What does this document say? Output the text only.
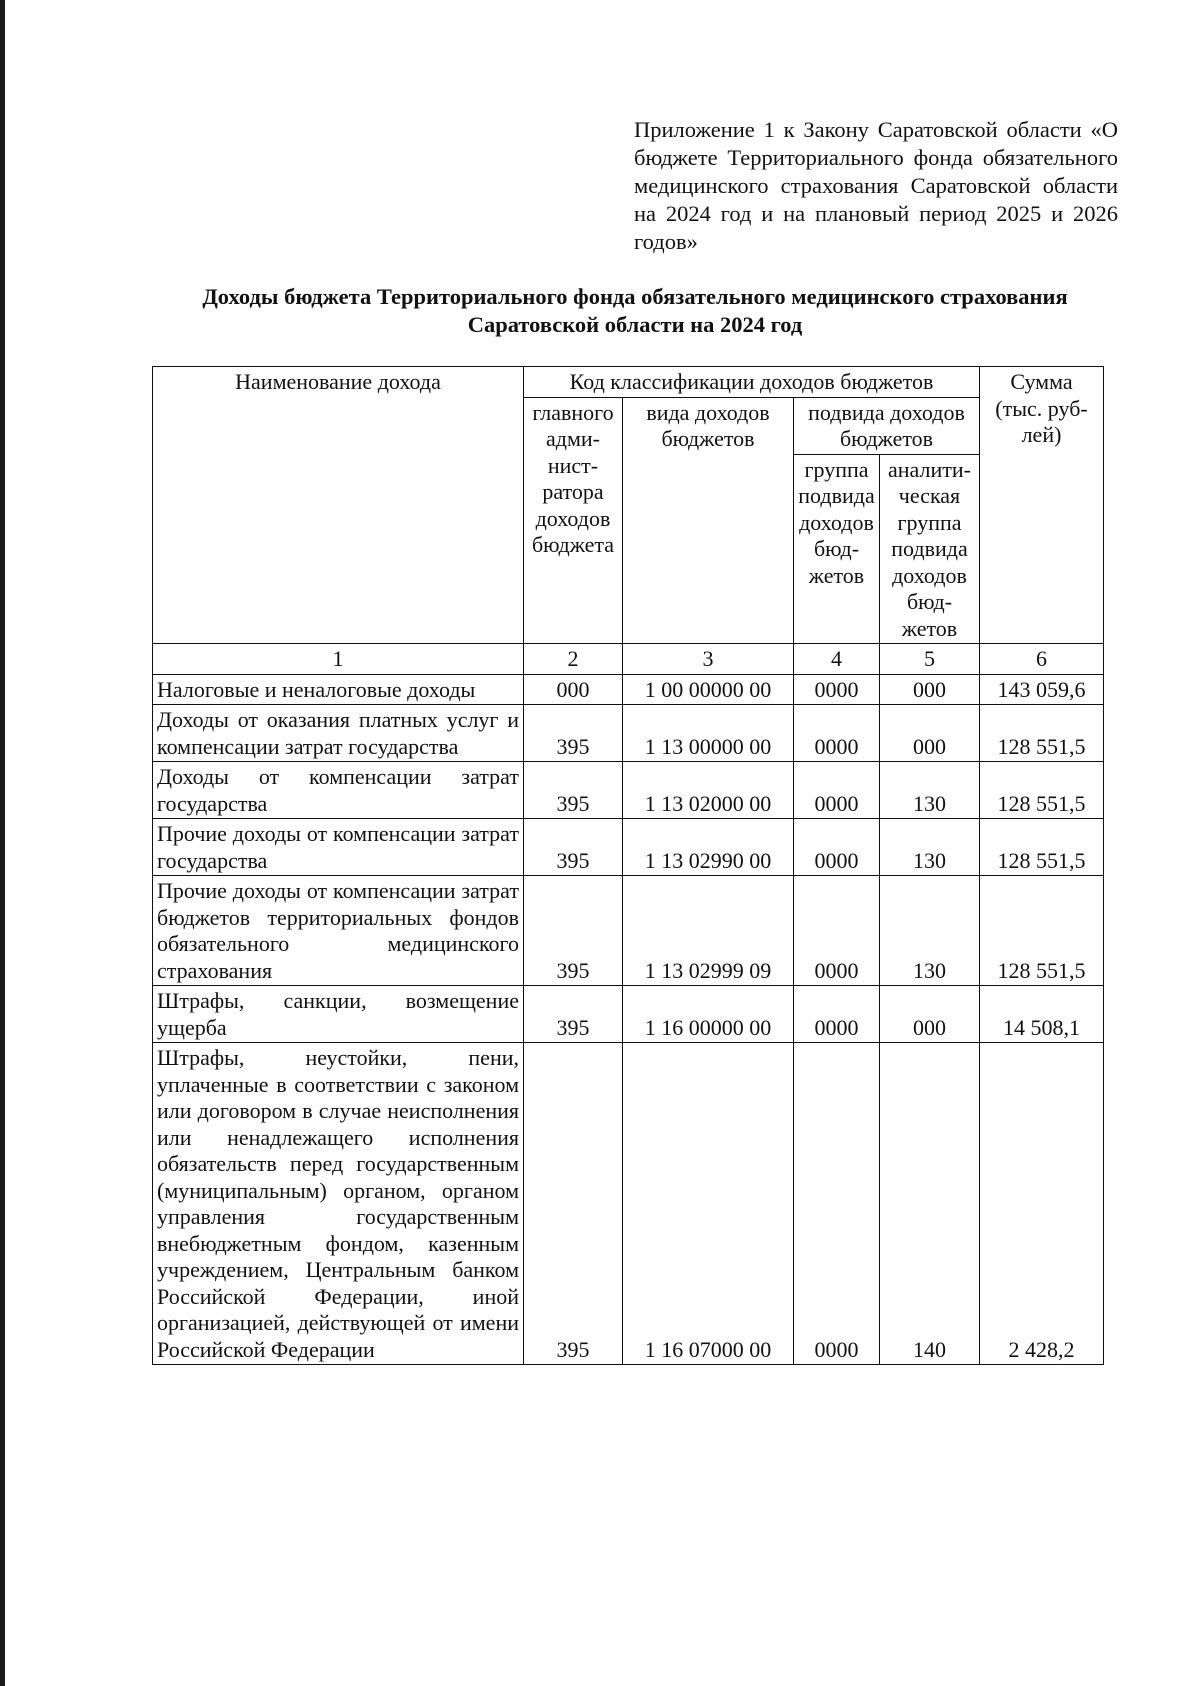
Приложение 1 к Закону Саратовской области «О бюджете Территориального фонда обязательного медицинского страхования Саратовской области на 2024 год и на плановый период 2025 и 2026 годов»
Доходы бюджета Территориального фонда обязательного медицинского страхования
Саратовской области на 2024 год
Наименование дохода	Код классификации доходов бюджетов				Сумма
(тыс. рублей)
	главного администратора доходов бюджета	вида доходов бюджетов	подвида доходов бюджетов		
			группа подвида доходов бюджетов	аналитическая группа подвида доходов бюджетов	
1	2	3	4	5	6
Налоговые и неналоговые доходы	000	1 00 00000 00	0000	000	143 059,6
Доходы от оказания платных услуг и компенсации затрат государства	395	1 13 00000 00	0000	000	128 551,5
Доходы от компенсации затрат государства	395	1 13 02000 00	0000	130	128 551,5
Прочие доходы от компенсации затрат государства	395	1 13 02990 00	0000	130	128 551,5
Прочие доходы от компенсации затрат бюджетов территориальных фондов обязательного медицинского страхования	395	1 13 02999 09	0000	130	128 551,5
Штрафы, санкции, возмещение ущерба	395	1 16 00000 00	0000	000	14 508,1
Штрафы, неустойки, пени, уплаченные в соответствии с законом или договором в случае неисполнения или ненадлежащего исполнения обязательств перед государственным (муниципальным) органом, органом управления государственным внебюджетным фондом, казенным учреждением, Центральным банком Российской Федерации, иной организацией, действующей от имени Российской Федерации	395	1 16 07000 00	0000	140	2 428,2
